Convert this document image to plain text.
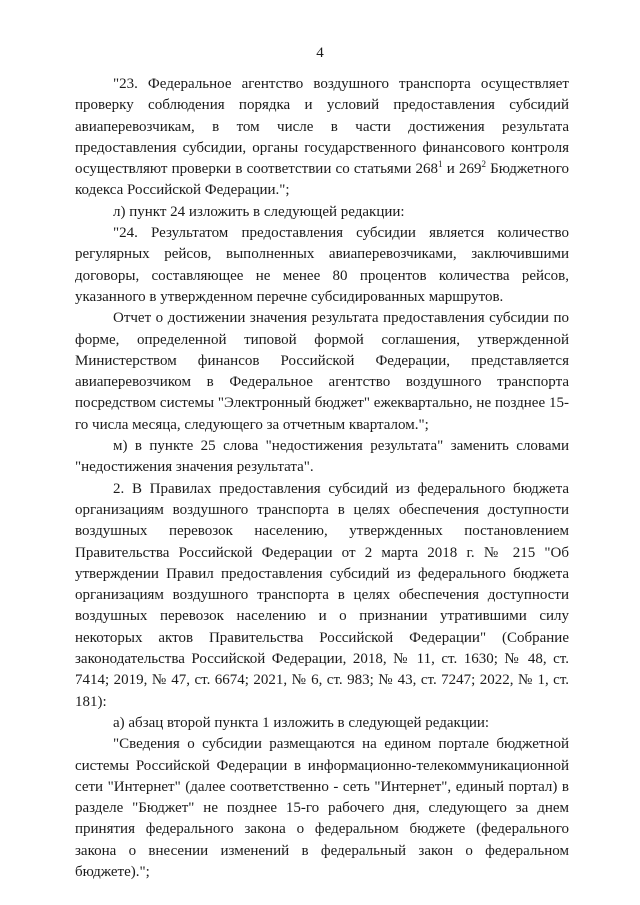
4

"23. Федеральное агентство воздушного транспорта осуществляет проверку соблюдения порядка и условий предоставления субсидий авиаперевозчикам, в том числе в части достижения результата предоставления субсидии, органы государственного финансового контроля осуществляют проверки в соответствии со статьями $268^1$ и $269^2$ Бюджетного кодекса Российской Федерации.";

л) пункт 24 изложить в следующей редакции:

"24. Результатом предоставления субсидии является количество регулярных рейсов, выполненных авиаперевозчиками, заключившими договоры, составляющее не менее 80 процентов количества рейсов, указанного в утвержденном перечне субсидированных маршрутов.

Отчет о достижении значения результата предоставления субсидии по форме, определенной типовой формой соглашения, утвержденной Министерством финансов Российской Федерации, представляется авиаперевозчиком в Федеральное агентство воздушного транспорта посредством системы "Электронный бюджет" ежеквартально, не позднее 15-го числа месяца, следующего за отчетным кварталом.";

м) в пункте 25 слова "недостижения результата" заменить словами "недостижения значения результата".

2. В Правилах предоставления субсидий из федерального бюджета организациям воздушного транспорта в целях обеспечения доступности воздушных перевозок населению, утвержденных постановлением Правительства Российской Федерации от 2 марта 2018 г. № 215 "Об утверждении Правил предоставления субсидий из федерального бюджета организациям воздушного транспорта в целях обеспечения доступности воздушных перевозок населению и о признании утратившими силу некоторых актов Правительства Российской Федерации" (Собрание законодательства Российской Федерации, 2018, № 11, ст. 1630; № 48, ст. 7414; 2019, № 47, ст. 6674; 2021, № 6, ст. 983; № 43, ст. 7247; 2022, № 1, ст. 181):

а) абзац второй пункта 1 изложить в следующей редакции:

"Сведения о субсидии размещаются на едином портале бюджетной системы Российской Федерации в информационно-телекоммуникационной сети "Интернет" (далее соответственно - сеть "Интернет", единый портал) в разделе "Бюджет" не позднее 15-го рабочего дня, следующего за днем принятия федерального закона о федеральном бюджете (федерального закона о внесении изменений в федеральный закон о федеральном бюджете).";
